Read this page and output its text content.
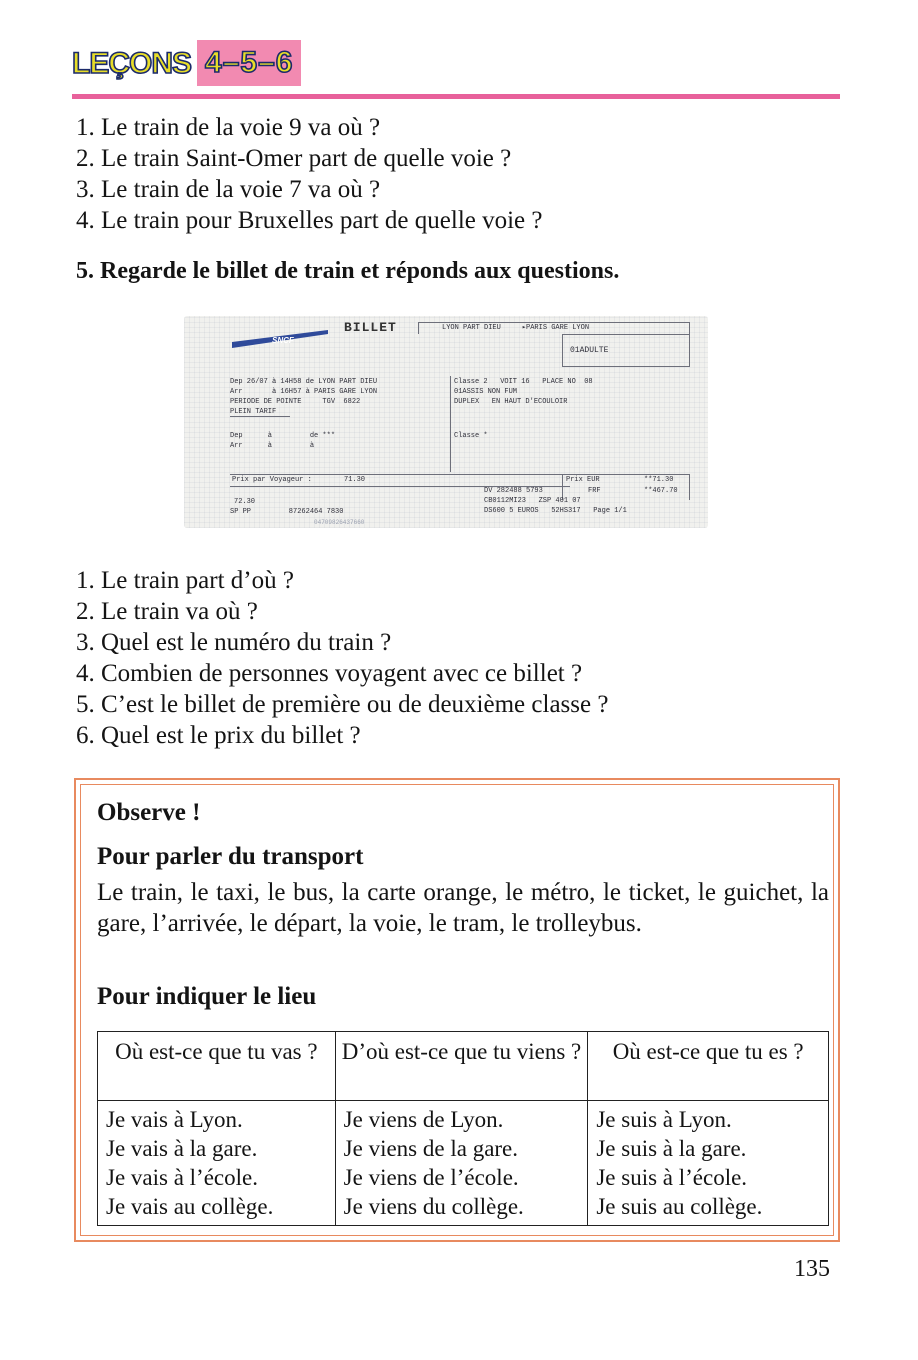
LEÇONS 4–5–6
1. Le train de la voie 9 va où ?
2. Le train Saint-Omer part de quelle voie ?
3. Le train de la voie 7 va où ?
4. Le train pour Bruxelles part de quelle voie ?
5. Regarde le billet de train et réponds aux questions.
SNCF
BILLET	LYON PART DIEU     ▸PARIS GARE LYON
01ADULTE
Dep 26/07 à 14H58 de LYON PART DIEU
Arr       à 16H57 à PARIS GARE LYON
PERIODE DE POINTE     TGV  6822
PLEIN TARIF
Classe 2   VOIT 16   PLACE NO  08
01ASSIS NON FUM
DUPLEX   EN HAUT D'ECOULOIR
Dep      à         de ***
Arr      à         à
Classe *
Prix par Voyageur :	71.30
72.30
SP PP         87262464 7830
04709826437660
Prix EUR	**71.30
FRF	**467.70
DV 282488 5793
CB0112MI23   ZSP 401 07
DS600 5 EUROS   52HS317   Page 1/1
1. Le train part d’où ?
2. Le train va où ?
3. Quel est le numéro du train ?
4. Combien de personnes voyagent avec ce billet ?
5. C’est le billet de première ou de deuxième classe ?
6. Quel est le prix du billet ?
Observe !
Pour parler du transport
Le train, le taxi, le bus, la carte orange, le métro, le ticket, le guichet, la gare, l’arrivée, le départ, la voie, le tram, le trolleybus.
Pour indiquer le lieu
Où est-ce que tu vas ?	D’où est-ce que tu viens ?	Où est-ce que tu es ?

Je vais à Lyon.
Je vais à la gare.
Je vais à l’école.
Je vais au collège.	Je viens de Lyon.
Je viens de la gare.
Je viens de l’école.
Je viens du collège.	Je suis à Lyon.
Je suis à la gare.
Je suis à l’école.
Je suis au collège.
135
